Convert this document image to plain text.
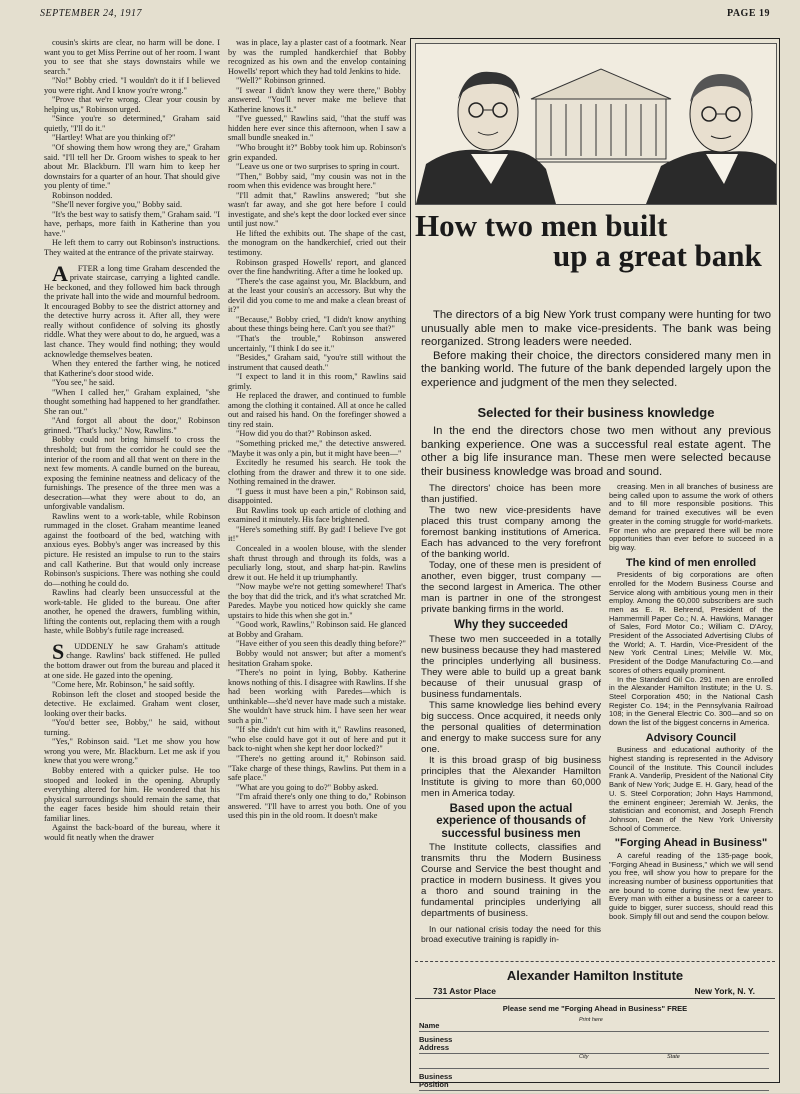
SEPTEMBER 24, 1917	PAGE 19

cousin's skirts are clear, no harm will be done. I want you to get Miss Perrine out of her room. I want you to see that she stays downstairs while we search."

"No!" Bobby cried. "I wouldn't do it if I believed you were right. And I know you're wrong."

"Prove that we're wrong. Clear your cousin by helping us," Robinson urged.

"Since you're so determined," Graham said quietly, "I'll do it."

"Hartley! What are you thinking of?"

"Of showing them how wrong they are," Graham said. "I'll tell her Dr. Groom wishes to speak to her about Mr. Blackburn. I'll warn him to keep her downstairs for a quarter of an hour. That should give you plenty of time."

Robinson nodded.

"She'll never forgive you," Bobby said.

"It's the best way to satisfy them," Graham said. "I have, perhaps, more faith in Katherine than you have."

He left them to carry out Robinson's instructions. They waited at the entrance of the private stairway.

A FTER a long time Graham descended the private staircase, carrying a lighted candle. He beckoned, and they followed him back through the private hall into the wide and mournful bedroom. It encouraged Bobby to see the district attorney and the detective hurry across it. After all, they were really without confidence of solving its ghostly riddle. What they were about to do, he argued, was a last chance. They would find nothing; they would acknowledge themselves beaten.

When they entered the farther wing, he noticed that Katherine's door stood wide.

"You see," he said.

"When I called her," Graham explained, "she thought something had happened to her grandfather. She ran out."

"And forgot all about the door," Robinson grinned. "That's lucky." Now, Rawlins."

Bobby could not bring himself to cross the threshold; but from the corridor he could see the interior of the room and all that went on there in the next few moments. A candle burned on the bureau, exposing the feminine neatness and delicacy of the furnishings. The presence of the three men was a desecration—what they were about to do, an unforgivable vandalism.

Rawlins went to a work-table, while Robinson rummaged in the closet. Graham meantime leaned against the footboard of the bed, watching with anxious eyes. Bobby's anger was increased by this picture. He resisted an impulse to run to the stairs and call Katherine. But that would only increase Robinson's suspicions. There was nothing she could do—nothing he could do.

Rawlins had clearly been unsuccessful at the work-table. He glided to the bureau. One after another, he opened the drawers, fumbling within, lifting the contents out, replacing them with a rough haste, while Bobby's futile rage increased.

S UDDENLY he saw Graham's attitude change. Rawlins' back stiffened. He pulled the bottom drawer out from the bureau and placed it at one side. He gazed into the opening.

"Come here, Mr. Robinson," he said softly.

Robinson left the closet and stooped beside the detective. He exclaimed. Graham went closer, looking over their backs.

"You'd better see, Bobby," he said, without turning.

"Yes," Robinson said. "Let me show you how wrong you were, Mr. Blackburn. Let me ask if you knew that you were wrong."

Bobby entered with a quicker pulse. He too stooped and looked in the opening. Abruptly everything altered for him. He wondered that his physical surroundings should remain the same, that the eager faces beside him should retain their familiar lines.

Against the back-board of the bureau, where it would fit neatly when the drawer

was in place, lay a plaster cast of a footmark. Near by was the rumpled handkerchief that Bobby recognized as his own and the envelop containing Howells' report which they had told Jenkins to hide.

"Well?" Robinson grinned.

"I swear I didn't know they were there," Bobby answered. "You'll never make me believe that Katherine knows it."

"I've guessed," Rawlins said, "that the stuff was hidden here ever since this afternoon, when I saw a small bundle sneaked in."

"Who brought it?" Bobby took him up. Robinson's grin expanded.

"Leave us one or two surprises to spring in court.

"Then," Bobby said, "my cousin was not in the room when this evidence was brought here."

"I'll admit that," Rawlins answered; "but she wasn't far away, and she got here before I could investigate, and she's kept the door locked ever since until just now."

He lifted the exhibits out. The shape of the cast, the monogram on the handkerchief, cried out their testimony.

Robinson grasped Howells' report, and glanced over the fine handwriting. After a time he looked up.

"There's the case against you, Mr. Blackburn, and at the least your cousin's an accessory. But why the devil did you come to me and make a clean breast of it?"

"Because," Bobby cried, "I didn't know anything about these things being here. Can't you see that?"

"That's the trouble," Robinson answered uncertainly, "I think I do see it."

"Besides," Graham said, "you're still without the instrument that caused death."

"I expect to land it in this room," Rawlins said grimly.

He replaced the drawer, and continued to fumble among the clothing it contained. All at once he called out and raised his hand. On the forefinger showed a tiny red stain.

"How did you do that?" Robinson asked.

"Something pricked me," the detective answered. "Maybe it was only a pin, but it might have been—"

Excitedly he resumed his search. He took the clothing from the drawer and threw it to one side. Nothing remained in the drawer.

"I guess it must have been a pin," Robinson said, disappointed.

But Rawlins took up each article of clothing and examined it minutely. His face brightened.

"Here's something stiff. By gad! I believe I've got it!"

Concealed in a woolen blouse, with the slender shaft thrust through and through its folds, was a peculiarly long, stout, and sharp hat-pin. Rawlins drew it out. He held it up triumphantly.

"Now maybe we're not getting somewhere! That's the boy that did the trick, and it's what scratched Mr. Paredes. Maybe you noticed how quickly she came upstairs to hide this when she got in."

"Good work, Rawlins," Robinson said. He glanced at Bobby and Graham.

"Have either of you seen this deadly thing before?"

Bobby would not answer; but after a moment's hesitation Graham spoke.

"There's no point in lying, Bobby. Katherine knows nothing of this. I disagree with Rawlins. If she had been working with Paredes—which is unthinkable—she'd never have made such a mistake. She wouldn't have struck him. I have seen her wear such a pin."

"If she didn't cut him with it," Rawlins reasoned, "who else could have got it out of here and put it back to-night when she kept her door locked?"

"There's no getting around it," Robinson said. "Take charge of these things, Rawlins. Put them in a safe place."

"What are you going to do?" Bobby asked.

"I'm afraid there's only one thing to do," Robinson answered. "I'll have to arrest you both. One of you used this pin in the old room. It doesn't make

How two men built
up a great bank

The directors of a big New York trust company were hunting for two unusually able men to make vice-presidents. The bank was being reorganized. Strong leaders were needed.

Before making their choice, the directors considered many men in the banking world. The future of the bank depended largely upon the experience and judgment of the men they selected.

Selected for their business knowledge

In the end the directors chose two men without any previous banking experience. One was a successful real estate agent. The other a big life insurance man. These men were selected because their business knowledge was broad and sound.

The directors' choice has been more than justified.

The two new vice-presidents have placed this trust company among the foremost banking institutions of America. Each has advanced to the very forefront of the banking world.

Today, one of these men is president of another, even bigger, trust company — the second largest in America. The other man is partner in one of the strongest private banking firms in the world.

Why they succeeded

These two men succeeded in a totally new business because they had mastered the principles underlying all business. They were able to build up a great bank because of their unusual grasp of business fundamentals.

This same knowledge lies behind every big success. Once acquired, it needs only the personal qualities of determination and energy to make success sure for any one.

It is this broad grasp of big business principles that the Alexander Hamilton Institute is giving to more than 60,000 men in America today.

Based upon the actual experience of thousands of successful business men

The Institute collects, classifies and transmits thru the Modern Business Course and Service the best thought and practice in modern business. It gives you a thoro and sound training in the fundamental principles underlying all departments of business.

In our national crisis today the need for this broad executive training is rapidly in-

creasing. Men in all branches of business are being called upon to assume the work of others and to fill more responsible positions. This demand for trained executives will be even greater in the coming struggle for world-markets. For men who are prepared there will be more opportunities than ever before to succeed in a big way.

The kind of men enrolled

Presidents of big corporations are often enrolled for the Modern Business Course and Service along with ambitious young men in their employ. Among the 60,000 subscribers are such men as E. R. Behrend, President of the Hammermill Paper Co.; N. A. Hawkins, Manager of Sales, Ford Motor Co.; William C. D'Arcy, President of the Associated Advertising Clubs of the World; A. T. Hardin, Vice-President of the New York Central Lines; Melville W. Mix, President of the Dodge Manufacturing Co.—and scores of others equally prominent.

In the Standard Oil Co. 291 men are enrolled in the Alexander Hamilton Institute; in the U. S. Steel Corporation 450; in the National Cash Register Co. 194; in the Pennsylvania Railroad 108; in the General Electric Co. 300—and so on down the list of the biggest concerns in America.

Advisory Council

Business and educational authority of the highest standing is represented in the Advisory Council of the Institute. This Council includes Frank A. Vanderlip, President of the National City Bank of New York; Judge E. H. Gary, head of the U. S. Steel Corporation; John Hays Hammond, the eminent engineer; Jeremiah W. Jenks, the statistician and economist, and Joseph French Johnson, Dean of the New York University School of Commerce.

"Forging Ahead in Business"

A careful reading of the 135-page book, "Forging Ahead in Business," which we will send you free, will show you how to prepare for the increasing number of business opportunities that are bound to come during the next few years. Every man with either a business or a career to guide to bigger, surer success, should read this book. Simply fill out and send the coupon below.

Alexander Hamilton Institute
731 Astor Place	New York, N. Y.
Please send me "Forging Ahead in Business" FREE
Name
Print here
Business Address
City	State
Business Position
